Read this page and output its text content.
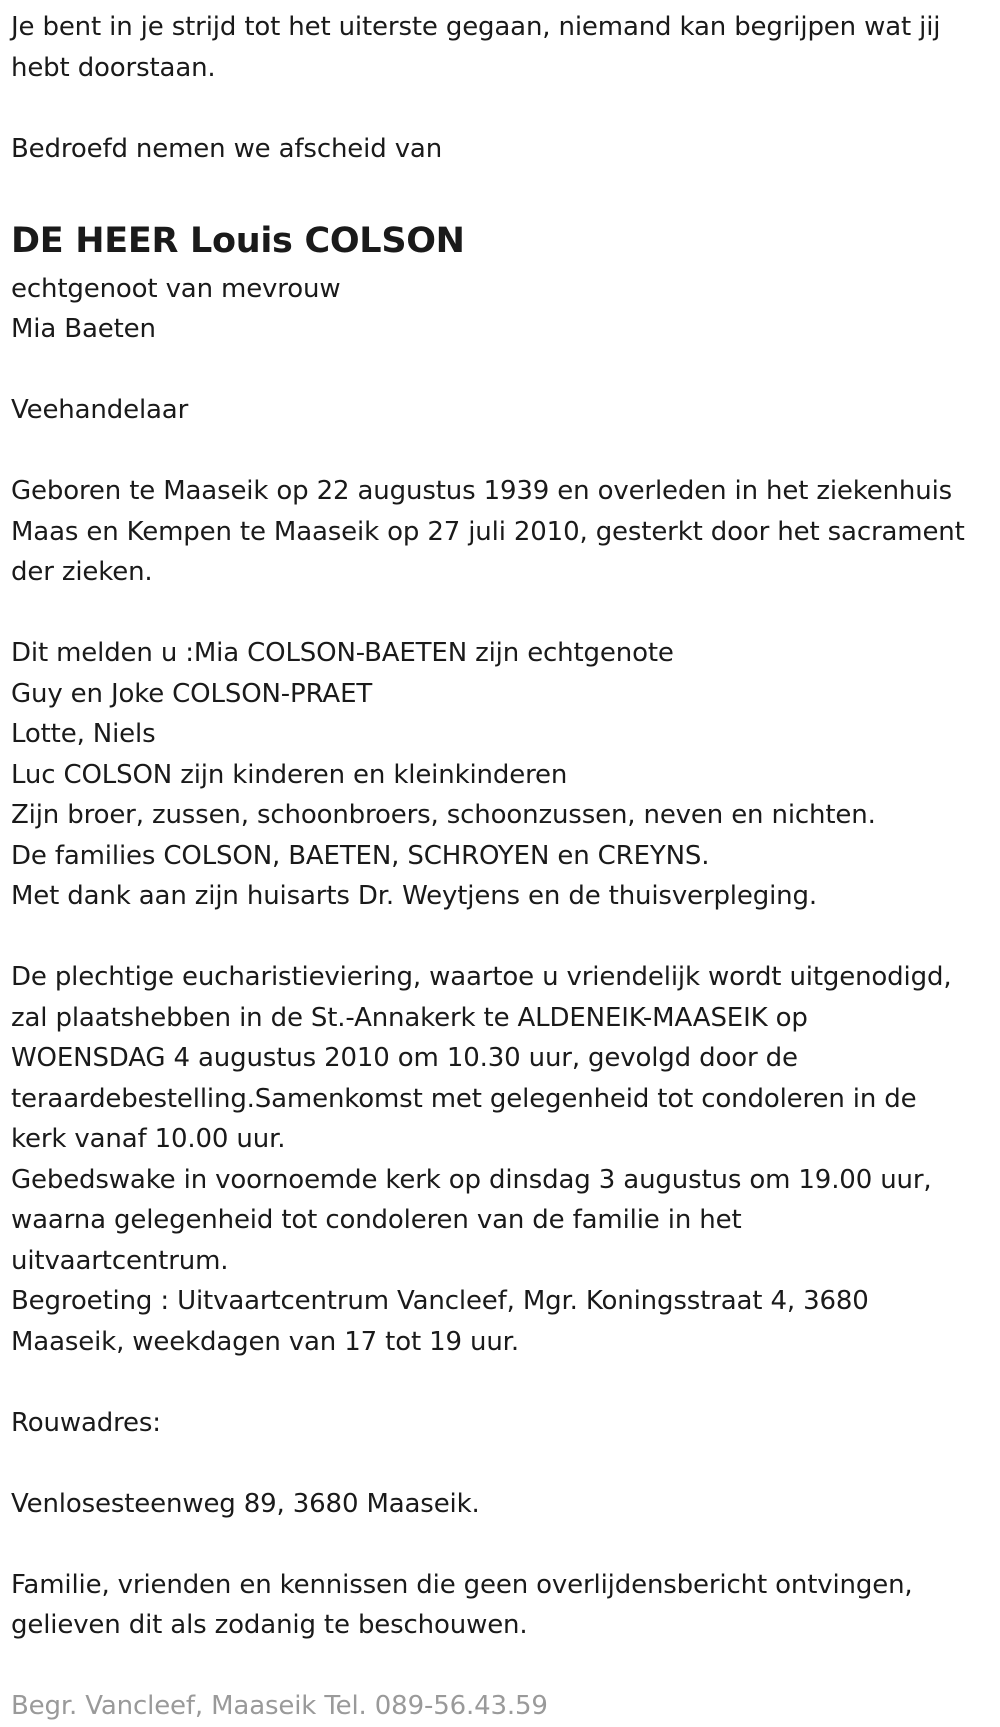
Je bent in je strijd tot het uiterste gegaan, niemand kan begrijpen wat jij

hebt doorstaan.

Bedroefd nemen we afscheid van

DE HEER Louis COLSON

echtgenoot van mevrouw

Mia Baeten

Veehandelaar

Geboren te Maaseik op 22 augustus 1939 en overleden in het ziekenhuis

Maas en Kempen te Maaseik op 27 juli 2010, gesterkt door het sacrament

der zieken.

Dit melden u :Mia COLSON-BAETEN zijn echtgenote

Guy en Joke COLSON-PRAET

Lotte, Niels

Luc COLSON zijn kinderen en kleinkinderen

Zijn broer, zussen, schoonbroers, schoonzussen, neven en nichten.

De families COLSON, BAETEN, SCHROYEN en CREYNS.

Met dank aan zijn huisarts Dr. Weytjens en de thuisverpleging.

De plechtige eucharistieviering, waartoe u vriendelijk wordt uitgenodigd,

zal plaatshebben in de St.-Annakerk te ALDENEIK-MAASEIK op

WOENSDAG 4 augustus 2010 om 10.30 uur, gevolgd door de

teraardebestelling.Samenkomst met gelegenheid tot condoleren in de

kerk vanaf 10.00 uur.

Gebedswake in voornoemde kerk op dinsdag 3 augustus om 19.00 uur,

waarna gelegenheid tot condoleren van de familie in het

uitvaartcentrum.

Begroeting : Uitvaartcentrum Vancleef, Mgr. Koningsstraat 4, 3680

Maaseik, weekdagen van 17 tot 19 uur.

Rouwadres:

Venlosesteenweg 89, 3680 Maaseik.

Familie, vrienden en kennissen die geen overlijdensbericht ontvingen,

gelieven dit als zodanig te beschouwen.

Begr. Vancleef, Maaseik Tel. 089-56.43.59
